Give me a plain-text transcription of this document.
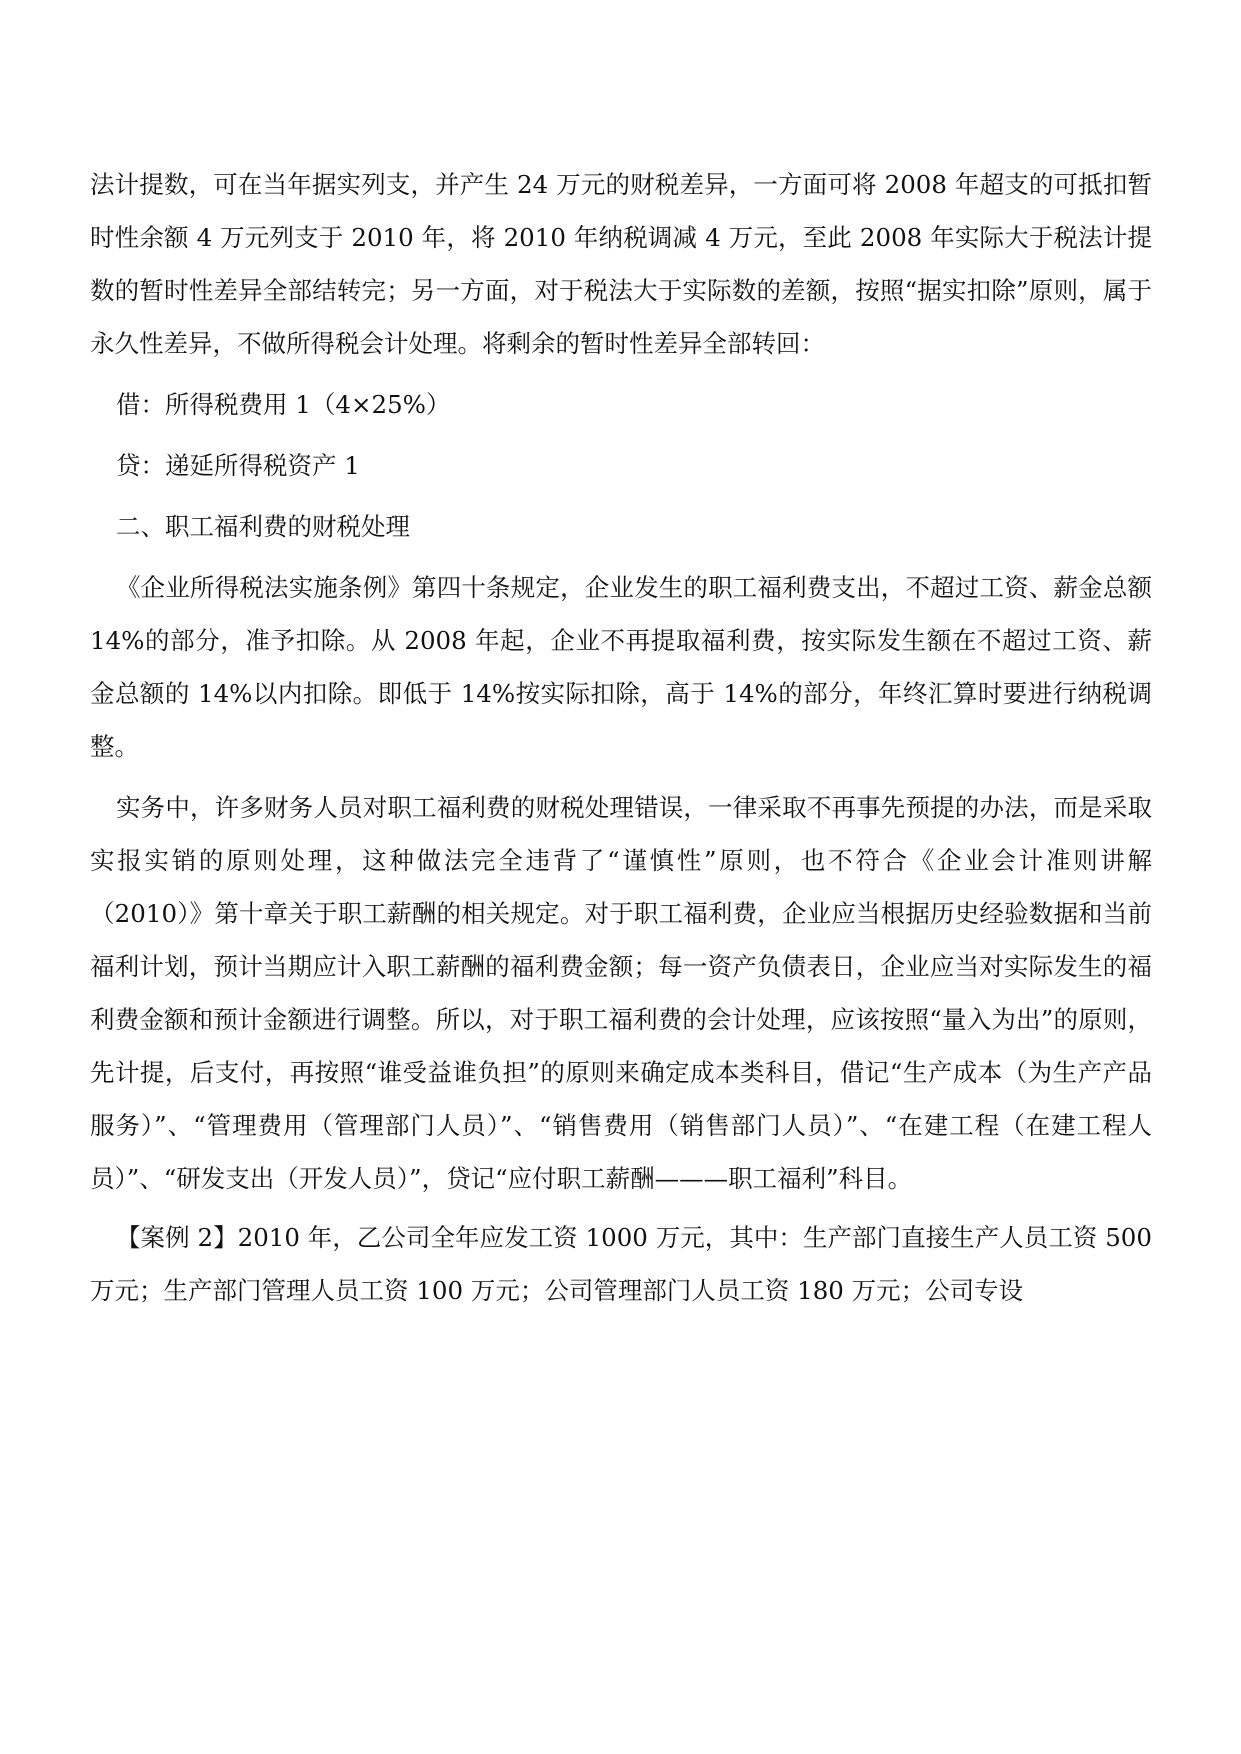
法计提数，可在当年据实列支，并产生 24 万元的财税差异，一方面可将 2008 年超支的可抵扣暂时性余额 4 万元列支于 2010 年，将 2010 年纳税调减 4 万元，至此 2008 年实际大于税法计提数的暂时性差异全部结转完；另一方面，对于税法大于实际数的差额，按照“据实扣除”原则，属于永久性差异，不做所得税会计处理。将剩余的暂时性差异全部转回：

借：所得税费用 1（4×25%）

贷：递延所得税资产 1

二、职工福利费的财税处理

《企业所得税法实施条例》第四十条规定，企业发生的职工福利费支出，不超过工资、薪金总额 14%的部分，准予扣除。从 2008 年起，企业不再提取福利费，按实际发生额在不超过工资、薪金总额的 14%以内扣除。即低于 14%按实际扣除，高于 14%的部分，年终汇算时要进行纳税调整。

实务中，许多财务人员对职工福利费的财税处理错误，一律采取不再事先预提的办法，而是采取实报实销的原则处理，这种做法完全违背了“谨慎性”原则，也不符合《企业会计准则讲解（2010）》第十章关于职工薪酬的相关规定。对于职工福利费，企业应当根据历史经验数据和当前福利计划，预计当期应计入职工薪酬的福利费金额；每一资产负债表日，企业应当对实际发生的福利费金额和预计金额进行调整。所以，对于职工福利费的会计处理，应该按照“量入为出”的原则，先计提，后支付，再按照“谁受益谁负担”的原则来确定成本类科目，借记“生产成本（为生产产品服务）”、“管理费用（管理部门人员）”、“销售费用（销售部门人员）”、“在建工程（在建工程人员）”、“研发支出（开发人员）”，贷记“应付职工薪酬———职工福利”科目。

【案例 2】2010 年，乙公司全年应发工资 1000 万元，其中：生产部门直接生产人员工资 500 万元；生产部门管理人员工资 100 万元；公司管理部门人员工资 180 万元；公司专设
